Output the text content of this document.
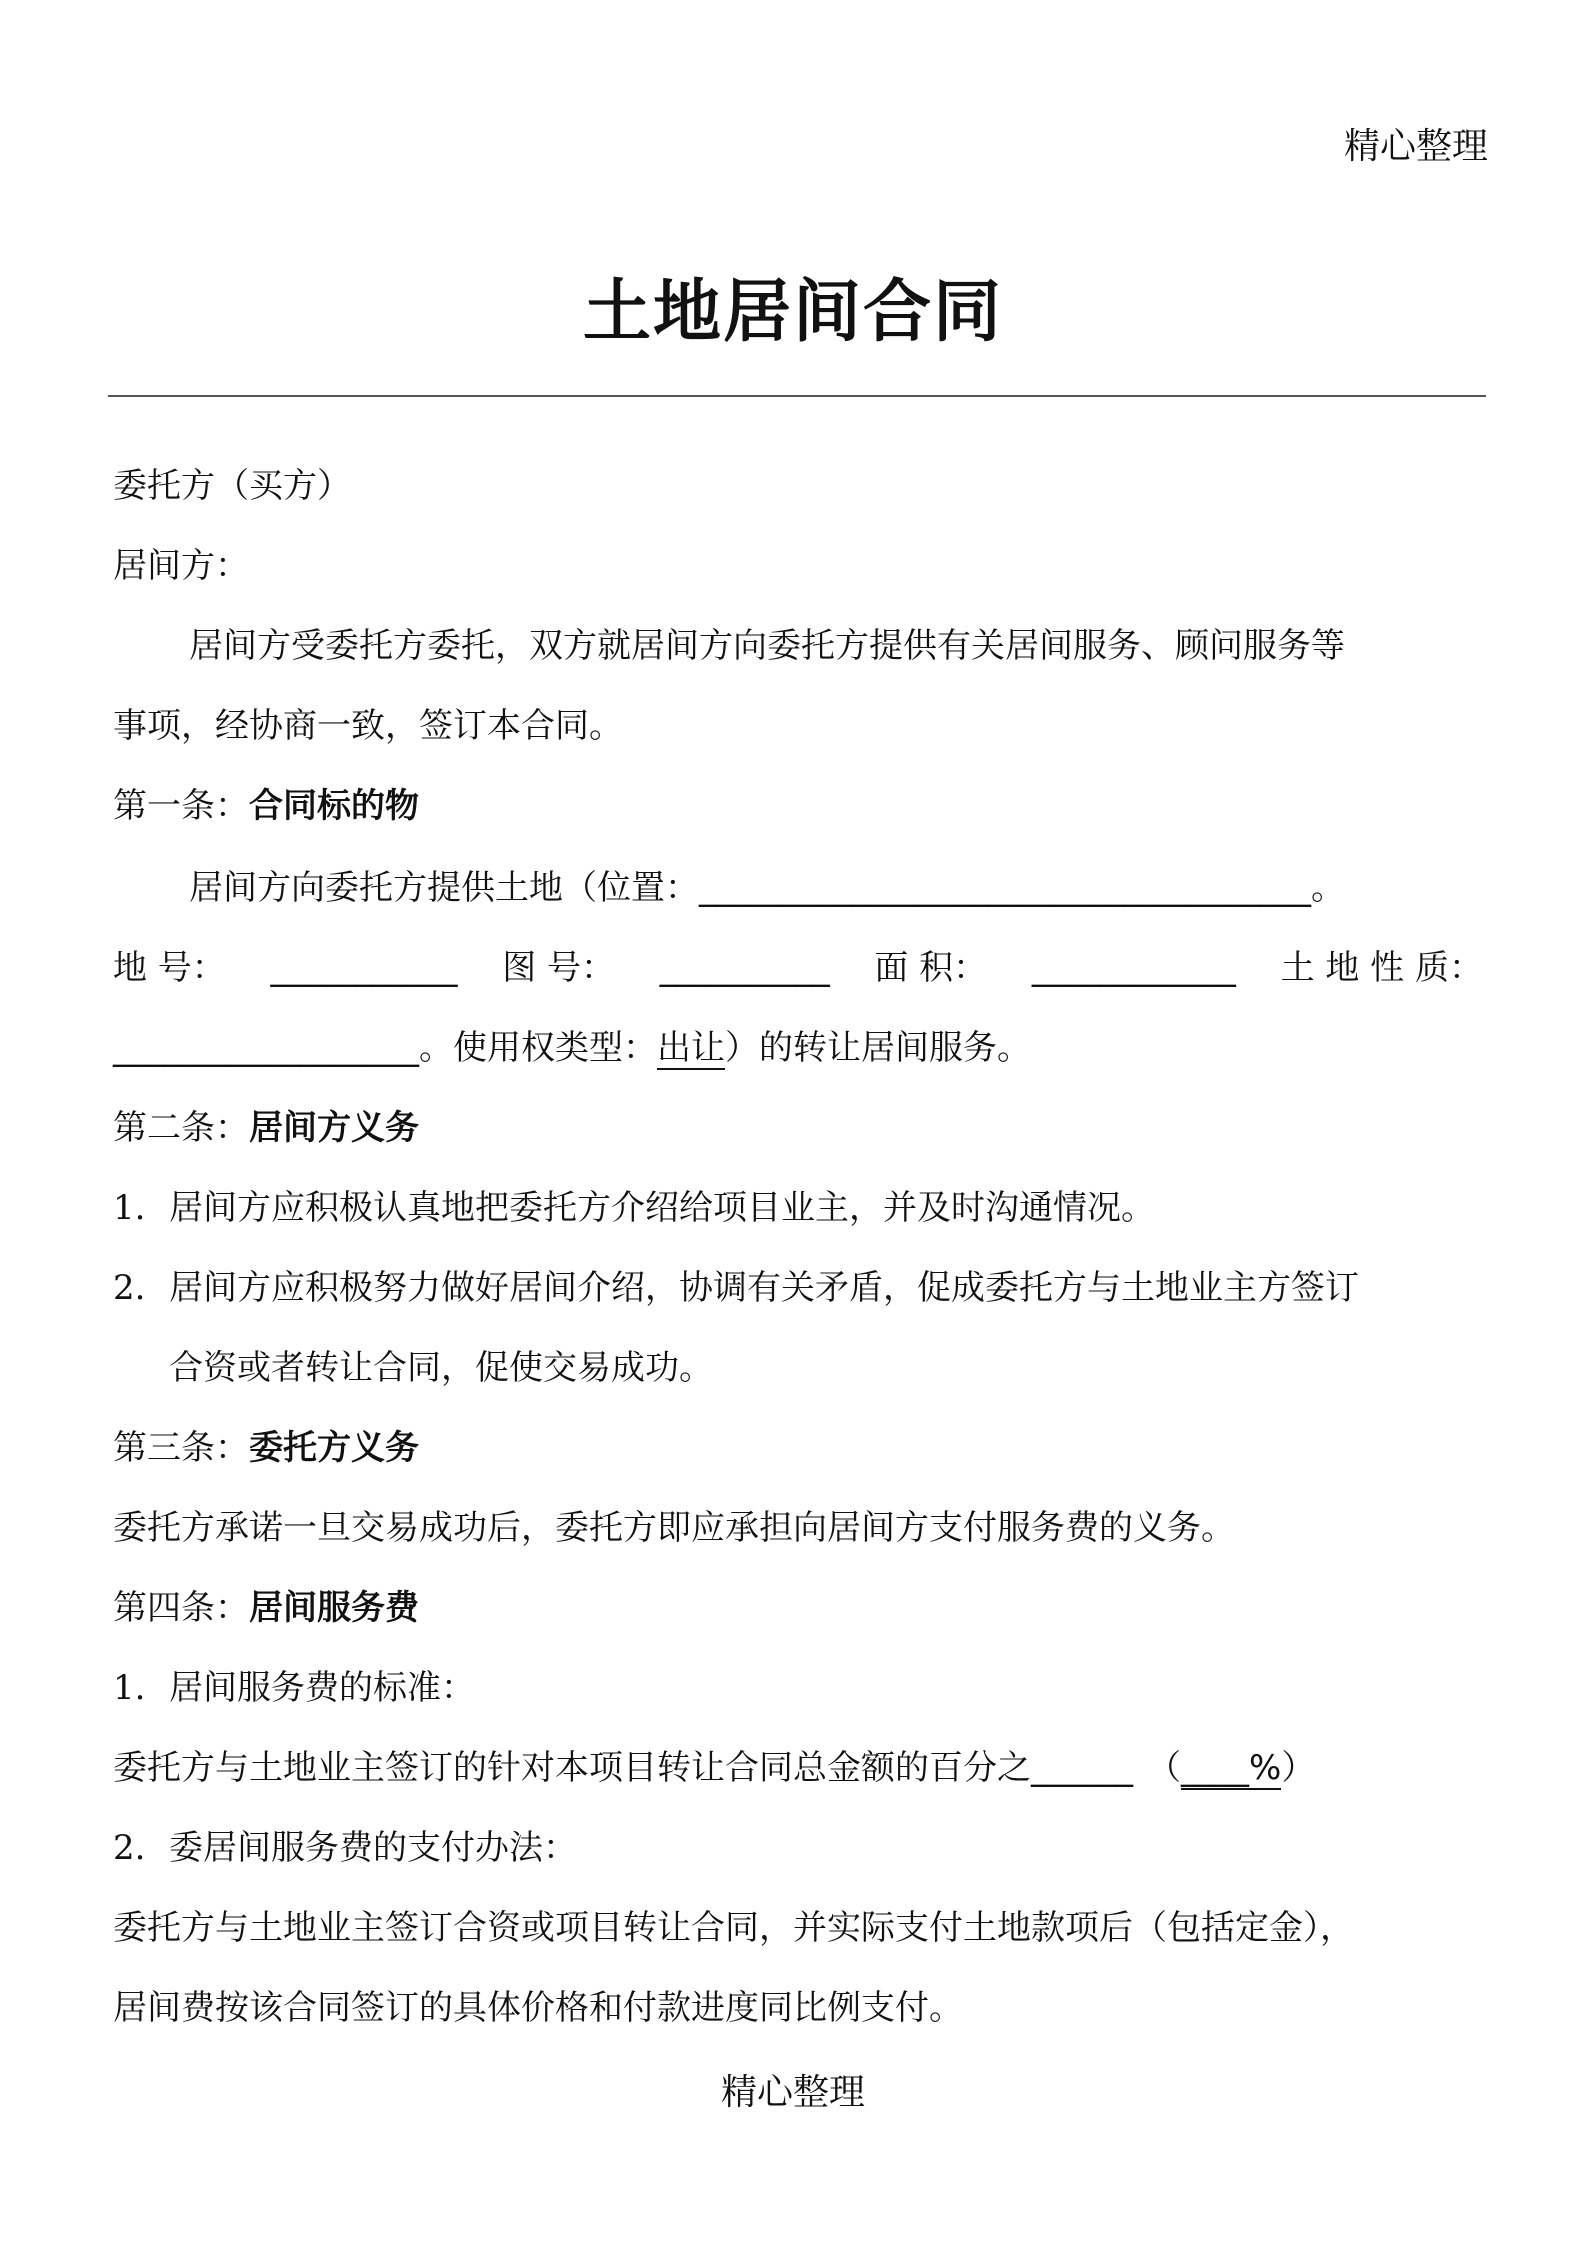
精心整理
土地居间合同
委托方（买方）
居间方：
居间方受委托方委托，双方就居间方向委托方提供有关居间服务、顾问服务等
事项，经协商一致，签订本合同。
第一条：合同标的物
居间方向委托方提供土地（位置：____________________________________。
地 号： ___________ 图 号： __________ 面 积： ____________ 土 地 性 质：
__________________。使用权类型：出让）的转让居间服务。
第二条：居间方义务
1. 居间方应积极认真地把委托方介绍给项目业主，并及时沟通情况。
2. 居间方应积极努力做好居间介绍，协调有关矛盾，促成委托方与土地业主方签订
合资或者转让合同，促使交易成功。
第三条：委托方义务
委托方承诺一旦交易成功后，委托方即应承担向居间方支付服务费的义务。
第四条：居间服务费
1. 居间服务费的标准：
委托方与土地业主签订的针对本项目转让合同总金额的百分之______ （____%）
2. 委居间服务费的支付办法：
委托方与土地业主签订合资或项目转让合同，并实际支付土地款项后（包括定金），
居间费按该合同签订的具体价格和付款进度同比例支付。
精心整理
